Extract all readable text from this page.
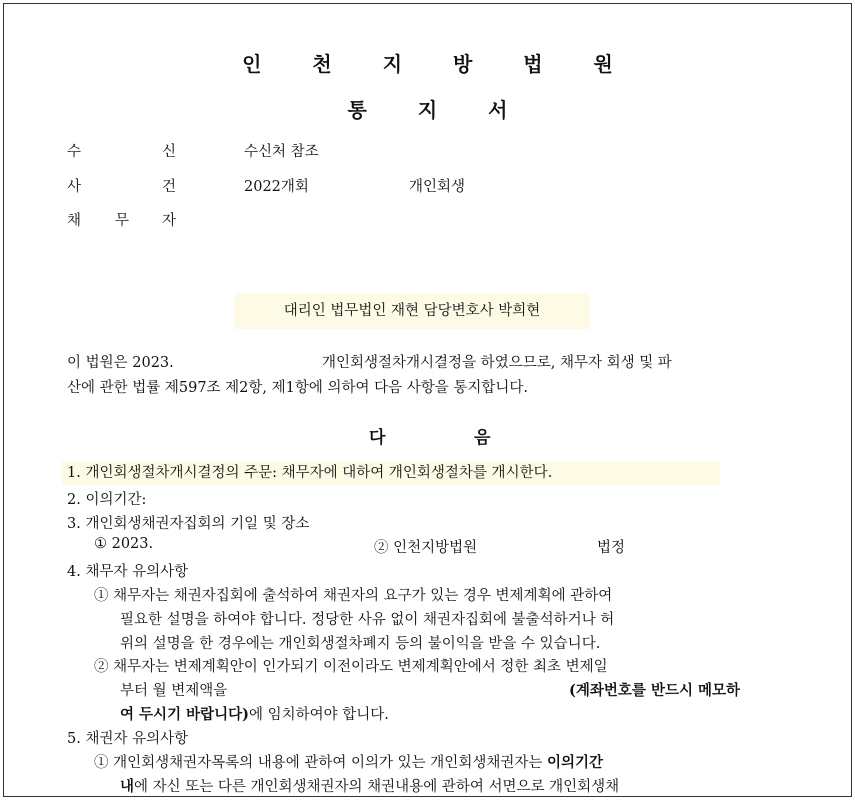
인 천 지 방 법 원
통 지 서
수	신	수신처 참조
사	건	2022개회	개인회생
채 무 자
대리인 법무법인 재현 담당변호사 박희현
이 법원은 2023.	개인회생절차개시결정을 하였으므로, 채무자 회생 및 파
산에 관한 법률 제597조 제2항, 제1항에 의하여 다음 사항을 통지합니다.
다	음
1. 개인회생절차개시결정의 주문: 채무자에 대하여 개인회생절차를 개시한다.
2. 이의기간:
3. 개인회생채권자집회의 기일 및 장소
① 2023.	② 인천지방법원	법정
4. 채무자 유의사항
① 채무자는 채권자집회에 출석하여 채권자의 요구가 있는 경우 변제계획에 관하여
필요한 설명을 하여야 합니다. 정당한 사유 없이 채권자집회에 불출석하거나 허
위의 설명을 한 경우에는 개인회생절차폐지 등의 불이익을 받을 수 있습니다.
② 채무자는 변제계획안이 인가되기 이전이라도 변제계획안에서 정한 최초 변제일
부터 월 변제액을	(계좌번호를 반드시 메모하
여 두시기 바랍니다)에 임치하여야 합니다.
5. 채권자 유의사항
① 개인회생채권자목록의 내용에 관하여 이의가 있는 개인회생채권자는 이의기간
내에 자신 또는 다른 개인회생채권자의 채권내용에 관하여 서면으로 개인회생채
